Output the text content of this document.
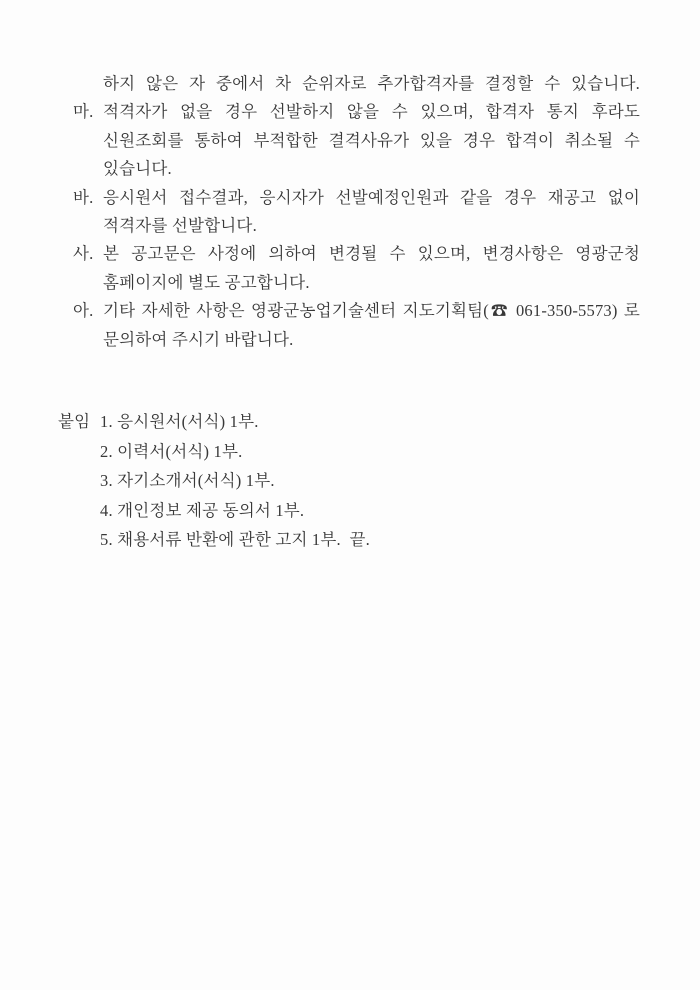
하지 않은 자 중에서 차 순위자로 추가합격자를 결정할 수 있습니다.
마. 적격자가 없을 경우 선발하지 않을 수 있으며, 합격자 통지 후라도
신원조회를 통하여 부적합한 결격사유가 있을 경우 합격이 취소될 수
있습니다.
바. 응시원서 접수결과, 응시자가 선발예정인원과 같을 경우 재공고 없이
적격자를 선발합니다.
사. 본 공고문은 사정에 의하여 변경될 수 있으며, 변경사항은 영광군청
홈페이지에 별도 공고합니다.
아. 기타 자세한 사항은 영광군농업기술센터 지도기획팀(☎ 061-350-5573) 로
문의하여 주시기 바랍니다.
붙임 1. 응시원서(서식) 1부.
2. 이력서(서식) 1부.
3. 자기소개서(서식) 1부.
4. 개인정보 제공 동의서 1부.
5. 채용서류 반환에 관한 고지 1부.  끝.
